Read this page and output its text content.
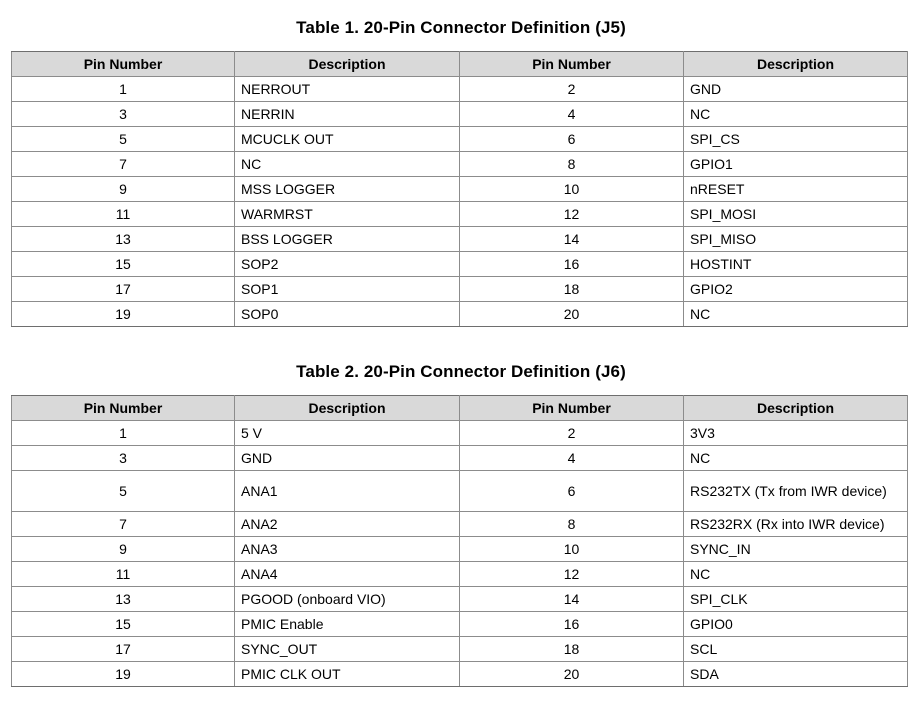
Table 1. 20-Pin Connector Definition (J5)
Pin Number	Description	Pin Number	Description
1	NERROUT	2	GND
3	NERRIN	4	NC
5	MCUCLK OUT	6	SPI_CS
7	NC	8	GPIO1
9	MSS LOGGER	10	nRESET
11	WARMRST	12	SPI_MOSI
13	BSS LOGGER	14	SPI_MISO
15	SOP2	16	HOSTINT
17	SOP1	18	GPIO2
19	SOP0	20	NC
Table 2. 20-Pin Connector Definition (J6)
Pin Number	Description	Pin Number	Description
1	5 V	2	3V3
3	GND	4	NC
5	ANA1	6	RS232TX (Tx from IWR device)
7	ANA2	8	RS232RX (Rx into IWR device)
9	ANA3	10	SYNC_IN
11	ANA4	12	NC
13	PGOOD (onboard VIO)	14	SPI_CLK
15	PMIC Enable	16	GPIO0
17	SYNC_OUT	18	SCL
19	PMIC CLK OUT	20	SDA
